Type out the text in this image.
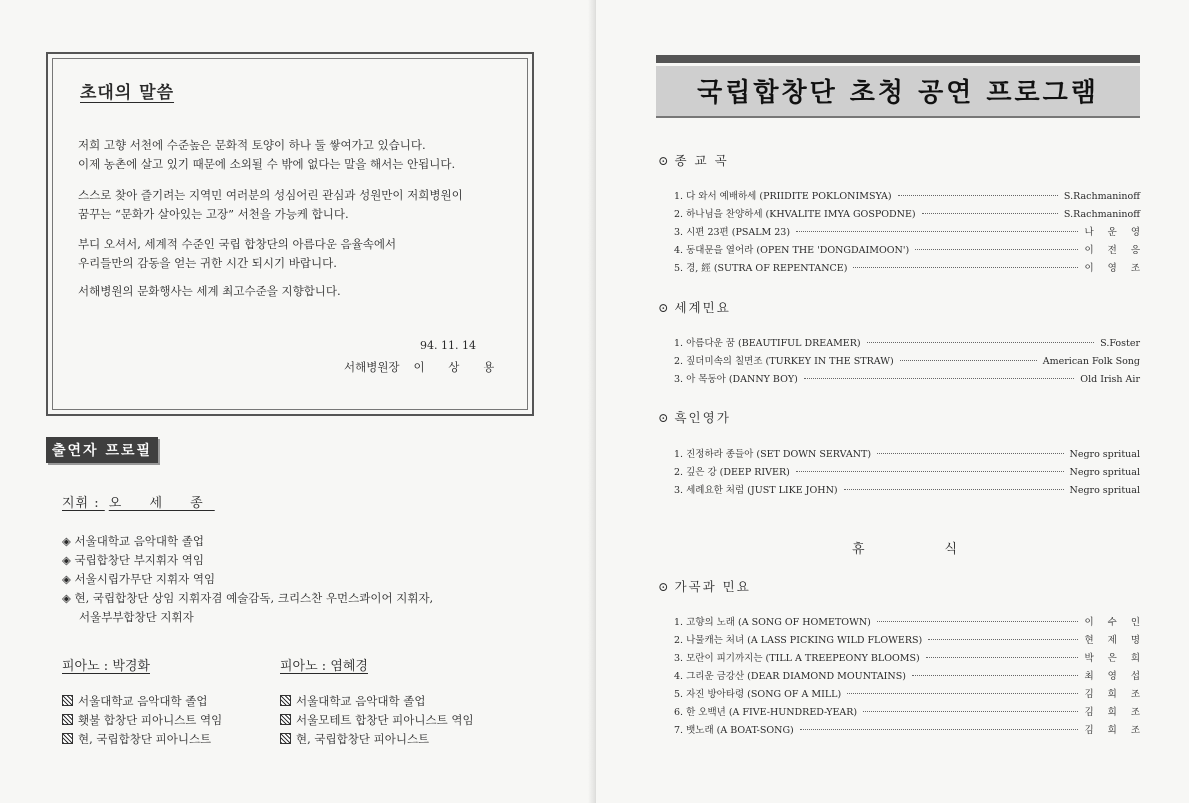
초대의 말씀
저희 고향 서천에 수준높은 문화적 토양이 하나 둘 쌓여가고 있습니다.
이제 농촌에 살고 있기 때문에 소외될 수 밖에 없다는 말을 해서는 안됩니다.
스스로 찾아 즐기려는 지역민 여러분의 성심어린 관심과 성원만이 저희병원이
꿈꾸는 “문화가 살아있는 고장” 서천을 가능케 합니다.
부디 오셔서, 세계적 수준인 국립 합창단의 아름다운 음율속에서
우리들만의 감동을 얻는 귀한 시간 되시기 바랍니다.
서해병원의 문화행사는 세계 최고수준을 지향합니다.
94. 11. 14
서해병원장 이 상 용
출연자 프로필
지휘 : 오 세 종
◈ 서울대학교 음악대학 졸업
◈ 국립합창단 부지휘자 역임
◈ 서울시립가무단 지휘자 역임
◈ 현, 국립합창단 상임 지휘자겸 예술감독, 크리스찬 우먼스콰이어 지휘자,
서울부부합창단 지휘자
피아노 : 박경화
서울대학교 음악대학 졸업
횃불 합창단 피아니스트 역임
현, 국립합창단 피아니스트
피아노 : 염혜경
서울대학교 음악대학 졸업
서울모테트 합창단 피아니스트 역임
현, 국립합창단 피아니스트
국립합창단 초청 공연 프로그램
⊙ 종 교 곡
1. 다 와서 예배하세 (PRIIDITE POKLONIMSYA)	S.Rachmaninoff
2. 하나님을 찬양하세 (KHVALITE IMYA GOSPODNE)	S.Rachmaninoff
3. 시편 23편 (PSALM 23)	나운영
4. 동대문을 열어라 (OPEN THE 'DONGDAIMOON')	이전응
5. 경, 經 (SUTRA OF REPENTANCE)	이영조
⊙ 세계민요
1. 아름다운 꿈 (BEAUTIFUL DREAMER)	S.Foster
2. 짚더미속의 칠면조 (TURKEY IN THE STRAW)	American Folk Song
3. 아 목동아 (DANNY BOY)	Old Irish Air
⊙ 흑인영가
1. 진정하라 종들아 (SET DOWN SERVANT)	Negro spritual
2. 깊은 강 (DEEP RIVER)	Negro spritual
3. 세례요한 처럼 (JUST LIKE JOHN)	Negro spritual
휴식
⊙ 가곡과 민요
1. 고향의 노래 (A SONG OF HOMETOWN)	이수인
2. 나물캐는 처녀 (A LASS PICKING WILD FLOWERS)	현제명
3. 모란이 피기까지는 (TILL A TREEPEONY BLOOMS)	박은희
4. 그리운 금강산 (DEAR DIAMOND MOUNTAINS)	최영섭
5. 자진 방아타령 (SONG OF A MILL)	김희조
6. 한 오백년 (A FIVE-HUNDRED-YEAR)	김희조
7. 뱃노래 (A BOAT-SONG)	김희조
